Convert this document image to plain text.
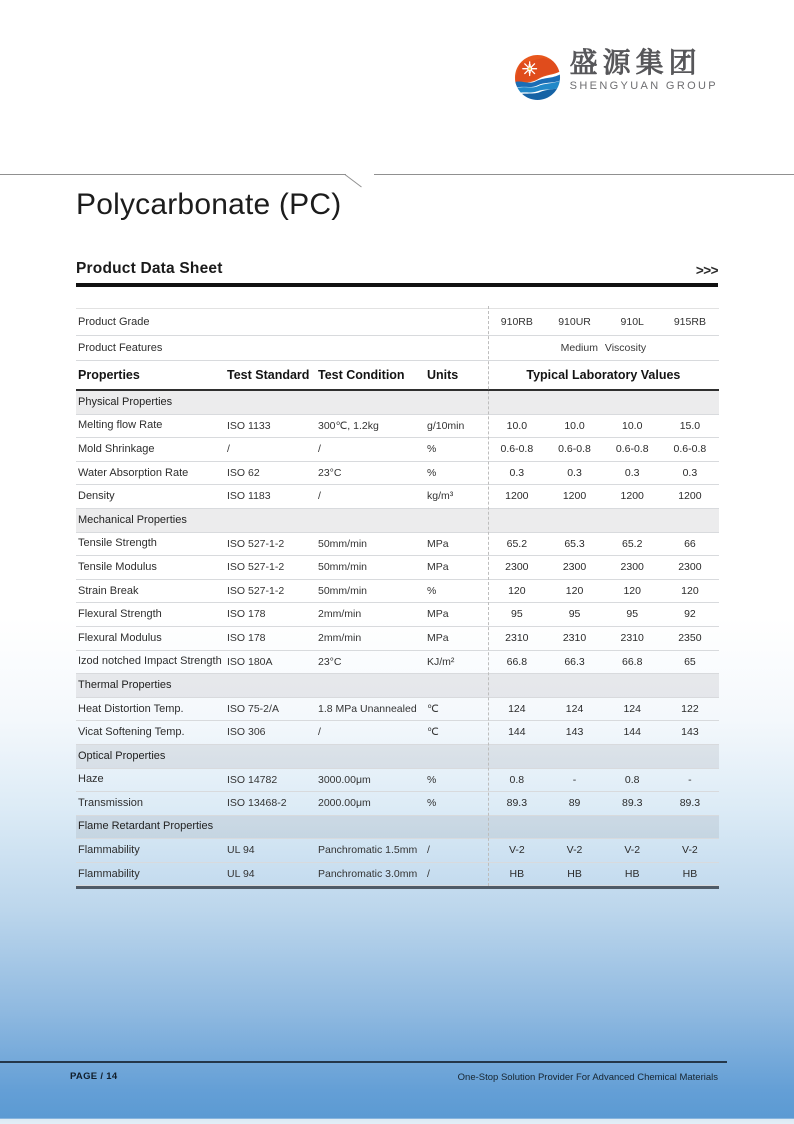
盛源集团
SHENGYUAN GROUP
Polycarbonate (PC)
Product Data Sheet	>>>
Product Grade	910RB	910UR	910L	915RB
Product Features	Medium Viscosity
Properties	Test Standard Test Condition	Units	Typical Laboratory Values
Physical Properties
Melting flow Rate	ISO 1133	300℃, 1.2kg	g/10min	10.0	10.0	10.0	15.0
Mold Shrinkage	/	/	%	0.6-0.8	0.6-0.8	0.6-0.8	0.6-0.8
Water Absorption Rate	ISO 62	23°C	%	0.3	0.3	0.3	0.3
Density	ISO 1183	/	kg/m³	1200	1200	1200	1200
Mechanical Properties
Tensile Strength	ISO 527-1-2	50mm/min	MPa	65.2	65.3	65.2	66
Tensile Modulus	ISO 527-1-2	50mm/min	MPa	2300	2300	2300	2300
Strain Break	ISO 527-1-2	50mm/min	%	120	120	120	120
Flexural Strength	ISO 178	2mm/min	MPa	95	95	95	92
Flexural Modulus	ISO 178	2mm/min	MPa	2310	2310	2310	2350
Izod notched Impact Strength ISO 180A	23°C	KJ/m²	66.8	66.3	66.8	65
Thermal Properties
Heat Distortion Temp.	ISO 75-2/A	1.8 MPa Unannealed ℃	124	124	124	122
Vicat Softening Temp.	ISO 306	/	℃	144	143	144	143
Optical Properties
Haze	ISO 14782	3000.00μm	%	0.8	-	0.8	-
Transmission	ISO 13468-2	2000.00μm	%	89.3	89	89.3	89.3
Flame Retardant Properties
Flammability	UL 94	Panchromatic 1.5mm /	V-2	V-2	V-2	V-2
Flammability	UL 94	Panchromatic 3.0mm /	HB	HB	HB	HB
PAGE / 14	One-Stop Solution Provider For Advanced Chemical Materials
